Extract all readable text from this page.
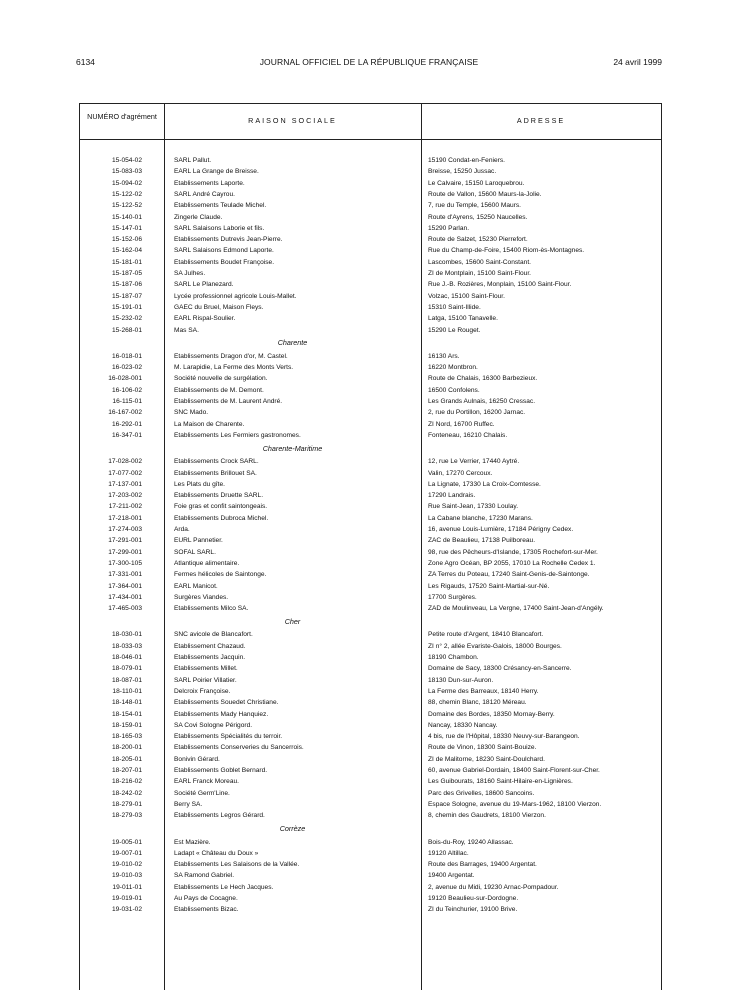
6134	JOURNAL OFFICIEL DE LA RÉPUBLIQUE FRANÇAISE	24 avril 1999
NUMÉRO d'agrément	RAISON SOCIALE	ADRESSE
15-054-02	SARL Pallut.	15190 Condat-en-Feniers.
15-083-03	EARL La Grange de Breisse.	Breisse, 15250 Jussac.
15-094-02	Etablissements Laporte.	Le Calvaire, 15150 Laroquebrou.
15-122-02	SARL André Cayrou.	Route de Vallon, 15600 Maurs-la-Jolie.
15-122-52	Etablissements Teulade Michel.	7, rue du Temple, 15600 Maurs.
15-140-01	Zingerle Claude.	Route d'Ayrens, 15250 Naucelles.
15-147-01	SARL Salaisons Laborie et fils.	15290 Parlan.
15-152-06	Etablissements Dutrevis Jean-Pierre.	Route de Salzet, 15230 Pierrefort.
15-162-04	SARL Salaisons Edmond Laporte.	Rue du Champ-de-Foire, 15400 Riom-ès-Montagnes.
15-181-01	Etablissements Boudet Françoise.	Lascombes, 15600 Saint-Constant.
15-187-05	SA Julhes.	ZI de Montplain, 15100 Saint-Flour.
15-187-06	SARL Le Planezard.	Rue J.-B. Rozières, Monplain, 15100 Saint-Flour.
15-187-07	Lycée professionnel agricole Louis-Mallet.	Volzac, 15100 Saint-Flour.
15-191-01	GAEC du Bruel, Maison Fleys.	15310 Saint-Illide.
15-232-02	EARL Rispal-Soulier.	Latga, 15100 Tanavelle.
15-268-01	Mas SA.	15290 Le Rouget.
Charente
16-018-01	Etablissements Dragon d'or, M. Castel.	16130 Ars.
16-023-02	M. Larapidie, La Ferme des Monts Verts.	16220 Montbron.
16-028-001	Société nouvelle de surgélation.	Route de Chalais, 16300 Barbezieux.
16-106-02	Etablissements de M. Demont.	16500 Confolens.
16-115-01	Etablissements de M. Laurent André.	Les Grands Aulnais, 16250 Cressac.
16-167-002	SNC Mado.	2, rue du Portillon, 16200 Jarnac.
16-292-01	La Maison de Charente.	ZI Nord, 16700 Ruffec.
16-347-01	Etablissements Les Fermiers gastronomes.	Fonteneau, 16210 Chalais.
Charente-Maritime
17-028-002	Etablissements Crock SARL.	12, rue Le Verrier, 17440 Aytré.
17-077-002	Etablissements Brillouet SA.	Valin, 17270 Cercoux.
17-137-001	Les Plats du gîte.	La Lignate, 17330 La Croix-Comtesse.
17-203-002	Etablissements Druette SARL.	17290 Landrais.
17-211-002	Foie gras et confit saintongeais.	Rue Saint-Jean, 17330 Loulay.
17-218-001	Etablissements Dubroca Michel.	La Cabane blanche, 17230 Marans.
17-274-003	Arda.	16, avenue Louis-Lumière, 17184 Périgny Cedex.
17-291-001	EURL Pannetier.	ZAC de Beaulieu, 17138 Puilboreau.
17-299-001	SOFAL SARL.	98, rue des Pêcheurs-d'Islande, 17305 Rochefort-sur-Mer.
17-300-105	Atlantique alimentaire.	Zone Agro Océan, BP 2055, 17010 La Rochelle Cedex 1.
17-331-001	Fermes hélicoles de Saintonge.	ZA Terres du Poteau, 17240 Saint-Genis-de-Saintonge.
17-364-001	EARL Manicot.	Les Rigauds, 17520 Saint-Martial-sur-Né.
17-434-001	Surgères Viandes.	17700 Surgères.
17-465-003	Etablissements Milco SA.	ZAD de Moulinveau, La Vergne, 17400 Saint-Jean-d'Angély.
Cher
18-030-01	SNC avicole de Blancafort.	Petite route d'Argent, 18410 Blancafort.
18-033-03	Etablissement Chazaud.	ZI n° 2, allée Evariste-Galois, 18000 Bourges.
18-046-01	Etablissements Jacquin.	18190 Chambon.
18-079-01	Etablissements Millet.	Domaine de Sacy, 18300 Crésancy-en-Sancerre.
18-087-01	SARL Poirier Villatier.	18130 Dun-sur-Auron.
18-110-01	Delcroix Françoise.	La Ferme des Barreaux, 18140 Herry.
18-148-01	Etablissements Souedet Christiane.	88, chemin Blanc, 18120 Méreau.
18-154-01	Etablissements Mady Hanquiez.	Domaine des Bordes, 18350 Mornay-Berry.
18-159-01	SA Covi Sologne Périgord.	Nancay, 18330 Nancay.
18-165-03	Etablissements Spécialités du terroir.	4 bis, rue de l'Hôpital, 18330 Neuvy-sur-Barangeon.
18-200-01	Etablissements Conserveries du Sancerrois.	Route de Vinon, 18300 Saint-Bouize.
18-205-01	Bonivin Gérard.	ZI de Malitorne, 18230 Saint-Doulchard.
18-207-01	Etablissements Goblet Bernard.	60, avenue Gabriel-Dordain, 18400 Saint-Florent-sur-Cher.
18-216-02	EARL Franck Moreau.	Les Guibourats, 18160 Saint-Hilaire-en-Lignières.
18-242-02	Société Germ'Line.	Parc des Grivelles, 18600 Sancoins.
18-279-01	Berry SA.	Espace Sologne, avenue du 19-Mars-1962, 18100 Vierzon.
18-279-03	Etablissements Legros Gérard.	8, chemin des Gaudrets, 18100 Vierzon.
Corrèze
19-005-01	Est Mazière.	Bois-du-Roy, 19240 Allassac.
19-007-01	Ladapt « Château du Doux »	19120 Altillac.
19-010-02	Etablissements Les Salaisons de la Vallée.	Route des Barrages, 19400 Argentat.
19-010-03	SA Ramond Gabriel.	19400 Argentat.
19-011-01	Etablissements Le Hech Jacques.	2, avenue du Midi, 19230 Arnac-Pompadour.
19-019-01	Au Pays de Cocagne.	19120 Beaulieu-sur-Dordogne.
19-031-02	Etablissements Bizac.	ZI du Teinchurier, 19100 Brive.
